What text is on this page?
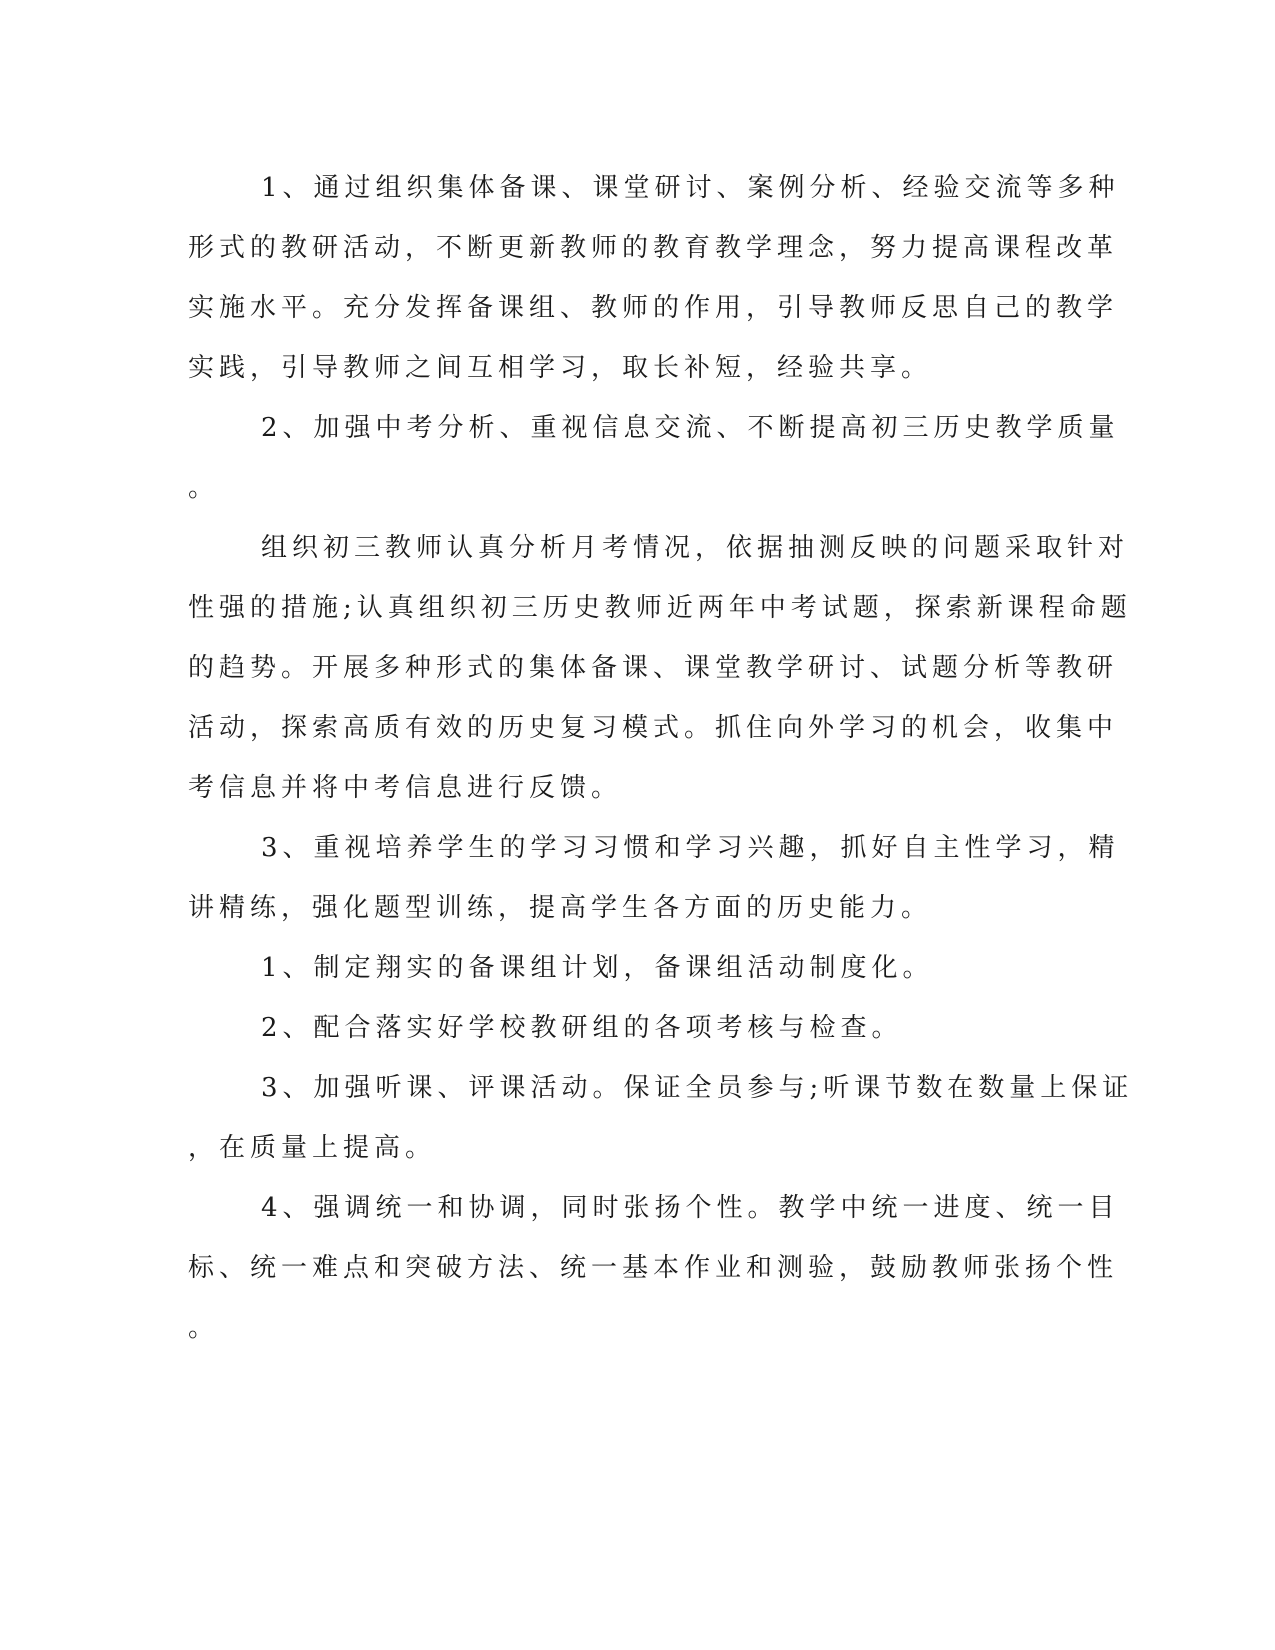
1、通过组织集体备课、课堂研讨、案例分析、经验交流等多种
形式的教研活动，不断更新教师的教育教学理念，努力提高课程改革
实施水平。充分发挥备课组、教师的作用，引导教师反思自己的教学
实践，引导教师之间互相学习，取长补短，经验共享。
2、加强中考分析、重视信息交流、不断提高初三历史教学质量
。
组织初三教师认真分析月考情况，依据抽测反映的问题采取针对
性强的措施;认真组织初三历史教师近两年中考试题，探索新课程命题
的趋势。开展多种形式的集体备课、课堂教学研讨、试题分析等教研
活动，探索高质有效的历史复习模式。抓住向外学习的机会，收集中
考信息并将中考信息进行反馈。
3、重视培养学生的学习习惯和学习兴趣，抓好自主性学习，精
讲精练，强化题型训练，提高学生各方面的历史能力。
1、制定翔实的备课组计划，备课组活动制度化。
2、配合落实好学校教研组的各项考核与检查。
3、加强听课、评课活动。保证全员参与;听课节数在数量上保证
，在质量上提高。
4、强调统一和协调，同时张扬个性。教学中统一进度、统一目
标、统一难点和突破方法、统一基本作业和测验，鼓励教师张扬个性
。
